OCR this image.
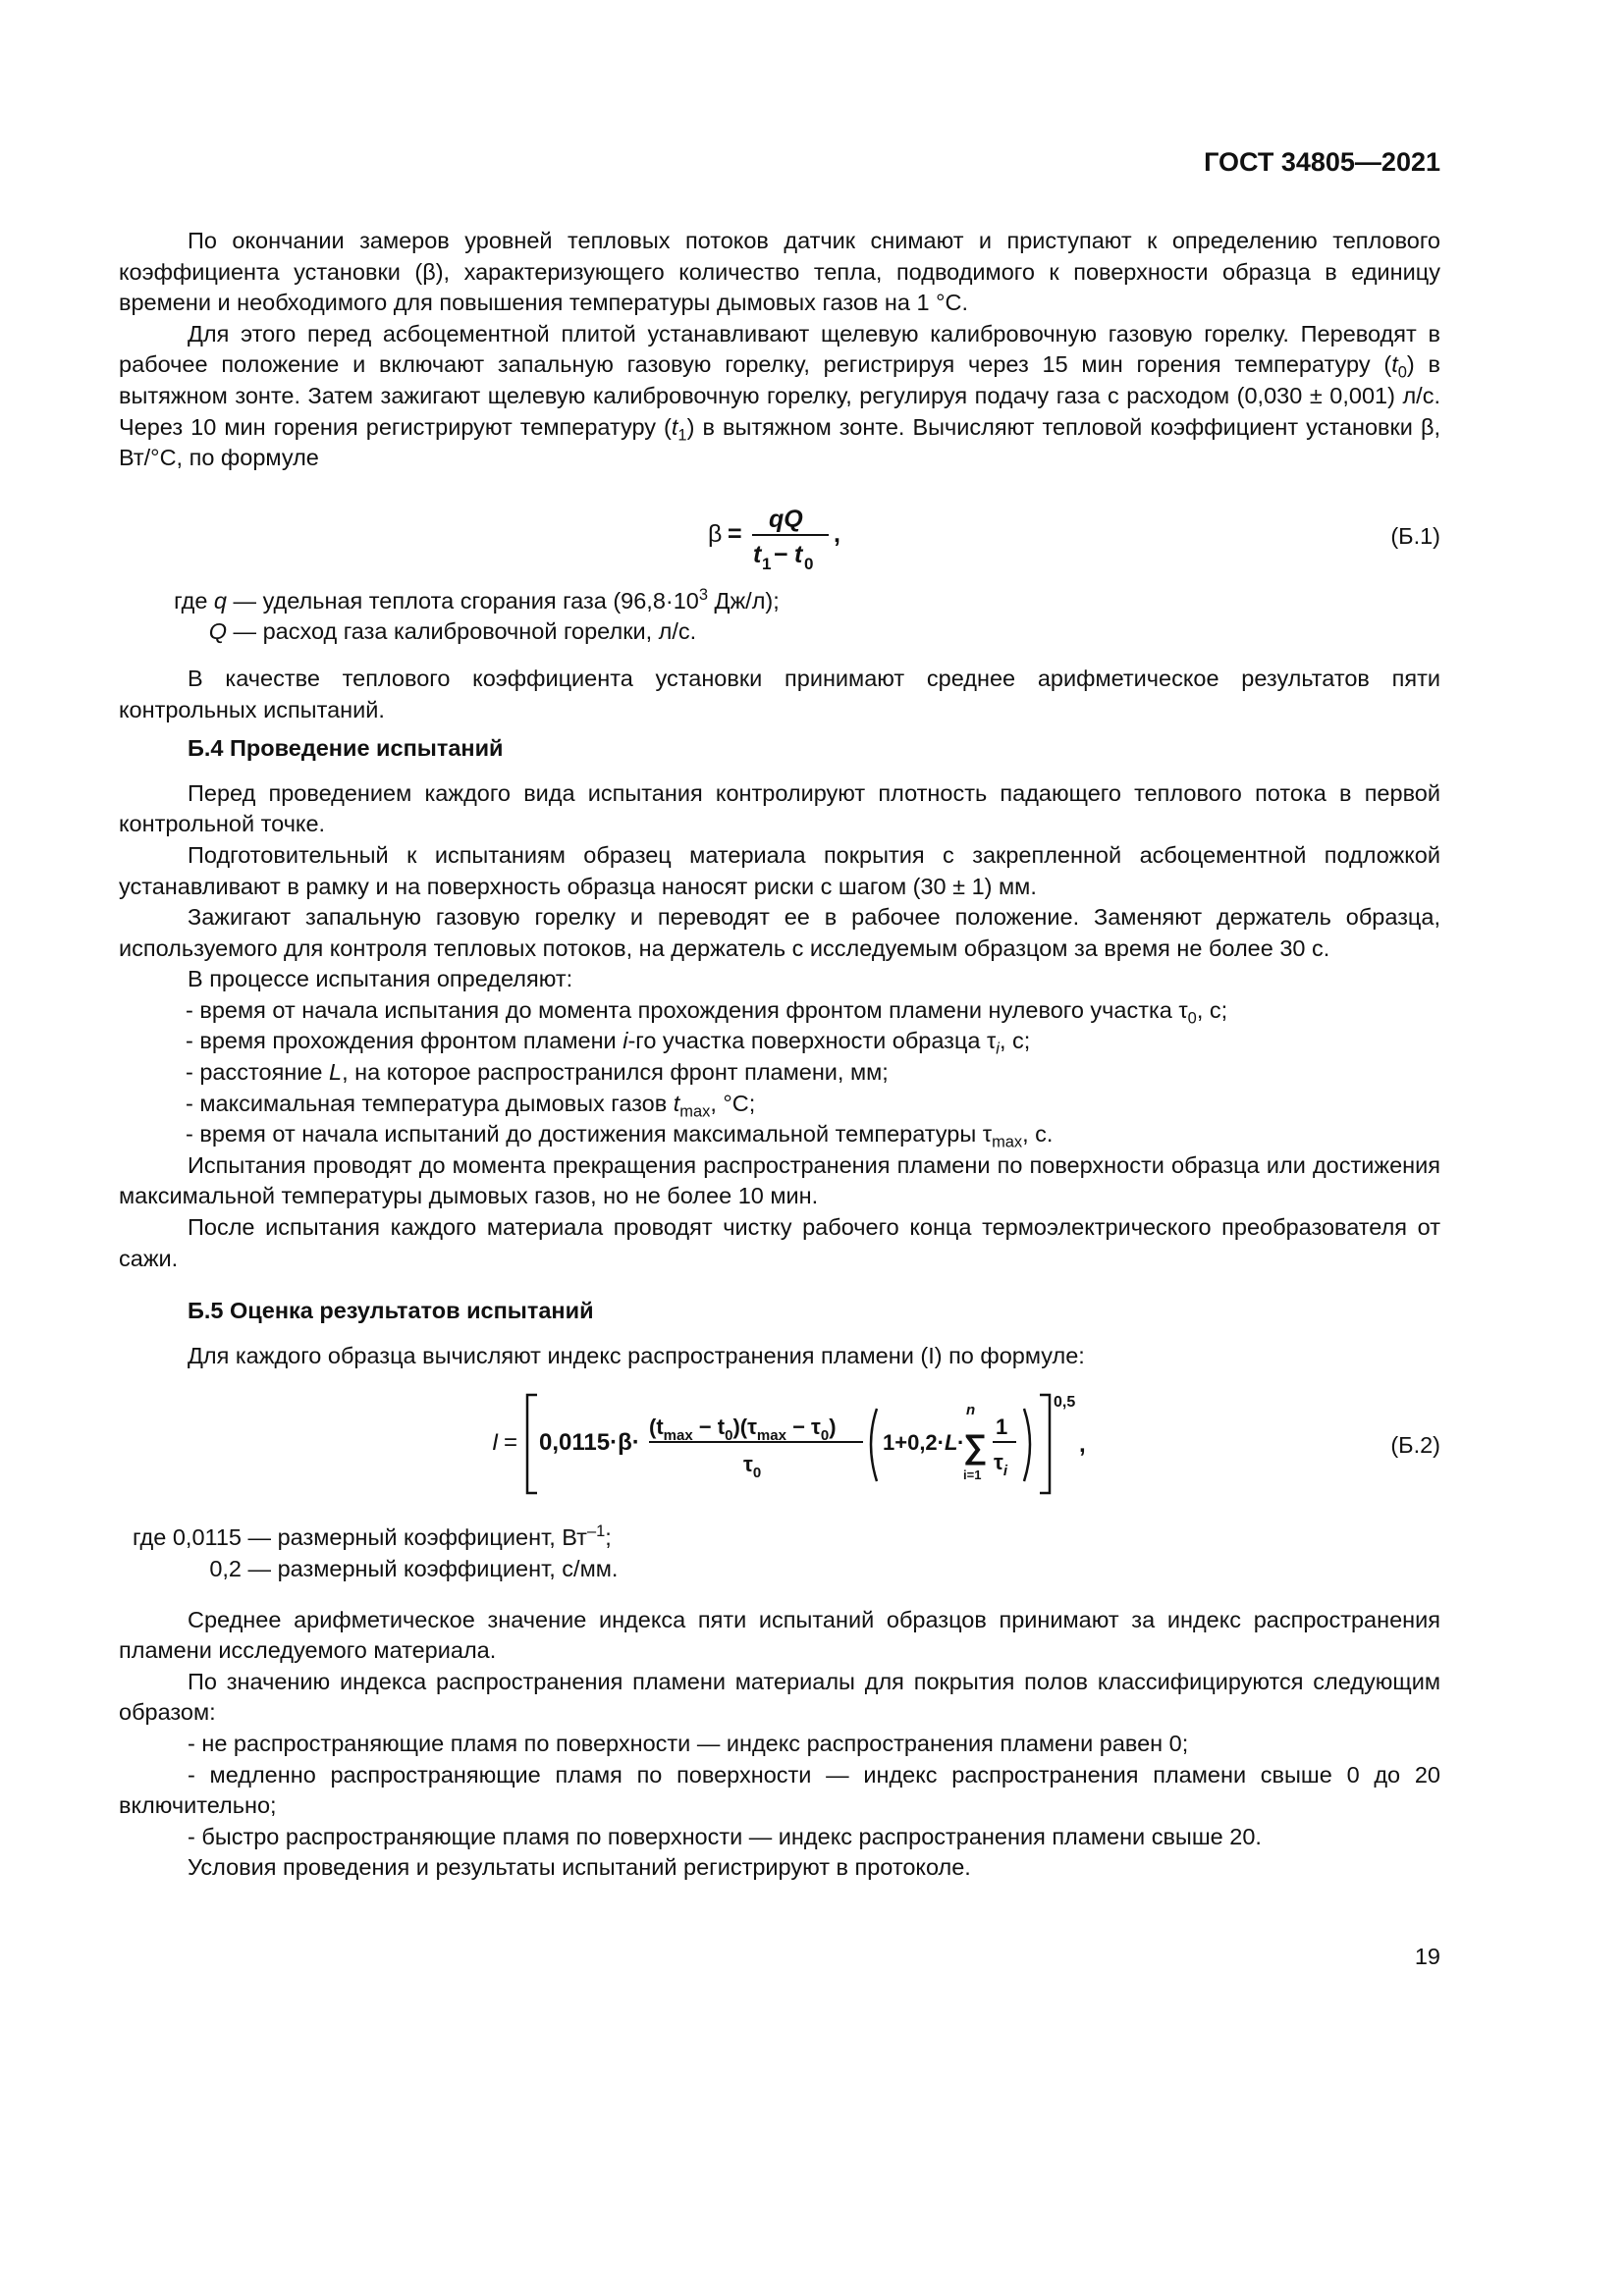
ГОСТ 34805—2021

По окончании замеров уровней тепловых потоков датчик снимают и приступают к определению теплового коэффициента установки (β), характеризующего количество тепла, подводимого к поверхности образца в единицу времени и необходимого для повышения температуры дымовых газов на 1 °С.

Для этого перед асбоцементной плитой устанавливают щелевую калибровочную газовую горелку. Переводят в рабочее положение и включают запальную газовую горелку, регистрируя через 15 мин горения температуру $(t_0)$ в вытяжном зонте. Затем зажигают щелевую калибровочную горелку, регулируя подачу газа с расходом (0,030 ± 0,001) л/с. Через 10 мин горения регистрируют температуру $(t_1)$ в вытяжном зонте. Вычисляют тепловой коэффициент установки β, Вт/°С, по формуле

β =
qQ
t 1 − t 0
,	(Б.1)

где q — удельная теплота сгорания газа ($96,8\cdot 10^3$ Дж/л);

Q — расход газа калибровочной горелки, л/с.

В качестве теплового коэффициента установки принимают среднее арифметическое результатов пяти контрольных испытаний.

Б.4 Проведение испытаний

Перед проведением каждого вида испытания контролируют плотность падающего теплового потока в первой контрольной точке.

Подготовительный к испытаниям образец материала покрытия с закрепленной асбоцементной подложкой устанавливают в рамку и на поверхность образца наносят риски с шагом (30 ± 1) мм.

Зажигают запальную газовую горелку и переводят ее в рабочее положение. Заменяют держатель образца, используемого для контроля тепловых потоков, на держатель с исследуемым образцом за время не более 30 с.

В процессе испытания определяют:

- время от начала испытания до момента прохождения фронтом пламени нулевого участка $\tau_0$, с;

- время прохождения фронтом пламени i-го участка поверхности образца $\tau_i$, с;

- расстояние L, на которое распространился фронт пламени, мм;

- максимальная температура дымовых газов $t_{max}$, °С;

- время от начала испытаний до достижения максимальной температуры $\tau_{max}$, с.

Испытания проводят до момента прекращения распространения пламени по поверхности образца или достижения максимальной температуры дымовых газов, но не более 10 мин.

После испытания каждого материала проводят чистку рабочего конца термоэлектрического преобразователя от сажи.

Б.5 Оценка результатов испытаний

Для каждого образца вычисляют индекс распространения пламени (I) по формуле:

I = 0,0115·β·
$(t_{max} - t_0)(\tau_{max} - \tau_0)$
$\tau_0$
1+0,2· L ·
n
∑
i=1
1
$\tau_i$
0,5
,	(Б.2)

где 0,0115 — размерный коэффициент, $Вт^{-1}$;

0,2 — размерный коэффициент, с/мм.

Среднее арифметическое значение индекса пяти испытаний образцов принимают за индекс распространения пламени исследуемого материала.

По значению индекса распространения пламени материалы для покрытия полов классифицируются следующим образом:

- не распространяющие пламя по поверхности — индекс распространения пламени равен 0;

- медленно распространяющие пламя по поверхности — индекс распространения пламени свыше 0 до 20 включительно;

- быстро распространяющие пламя по поверхности — индекс распространения пламени свыше 20.

Условия проведения и результаты испытаний регистрируют в протоколе.

19
